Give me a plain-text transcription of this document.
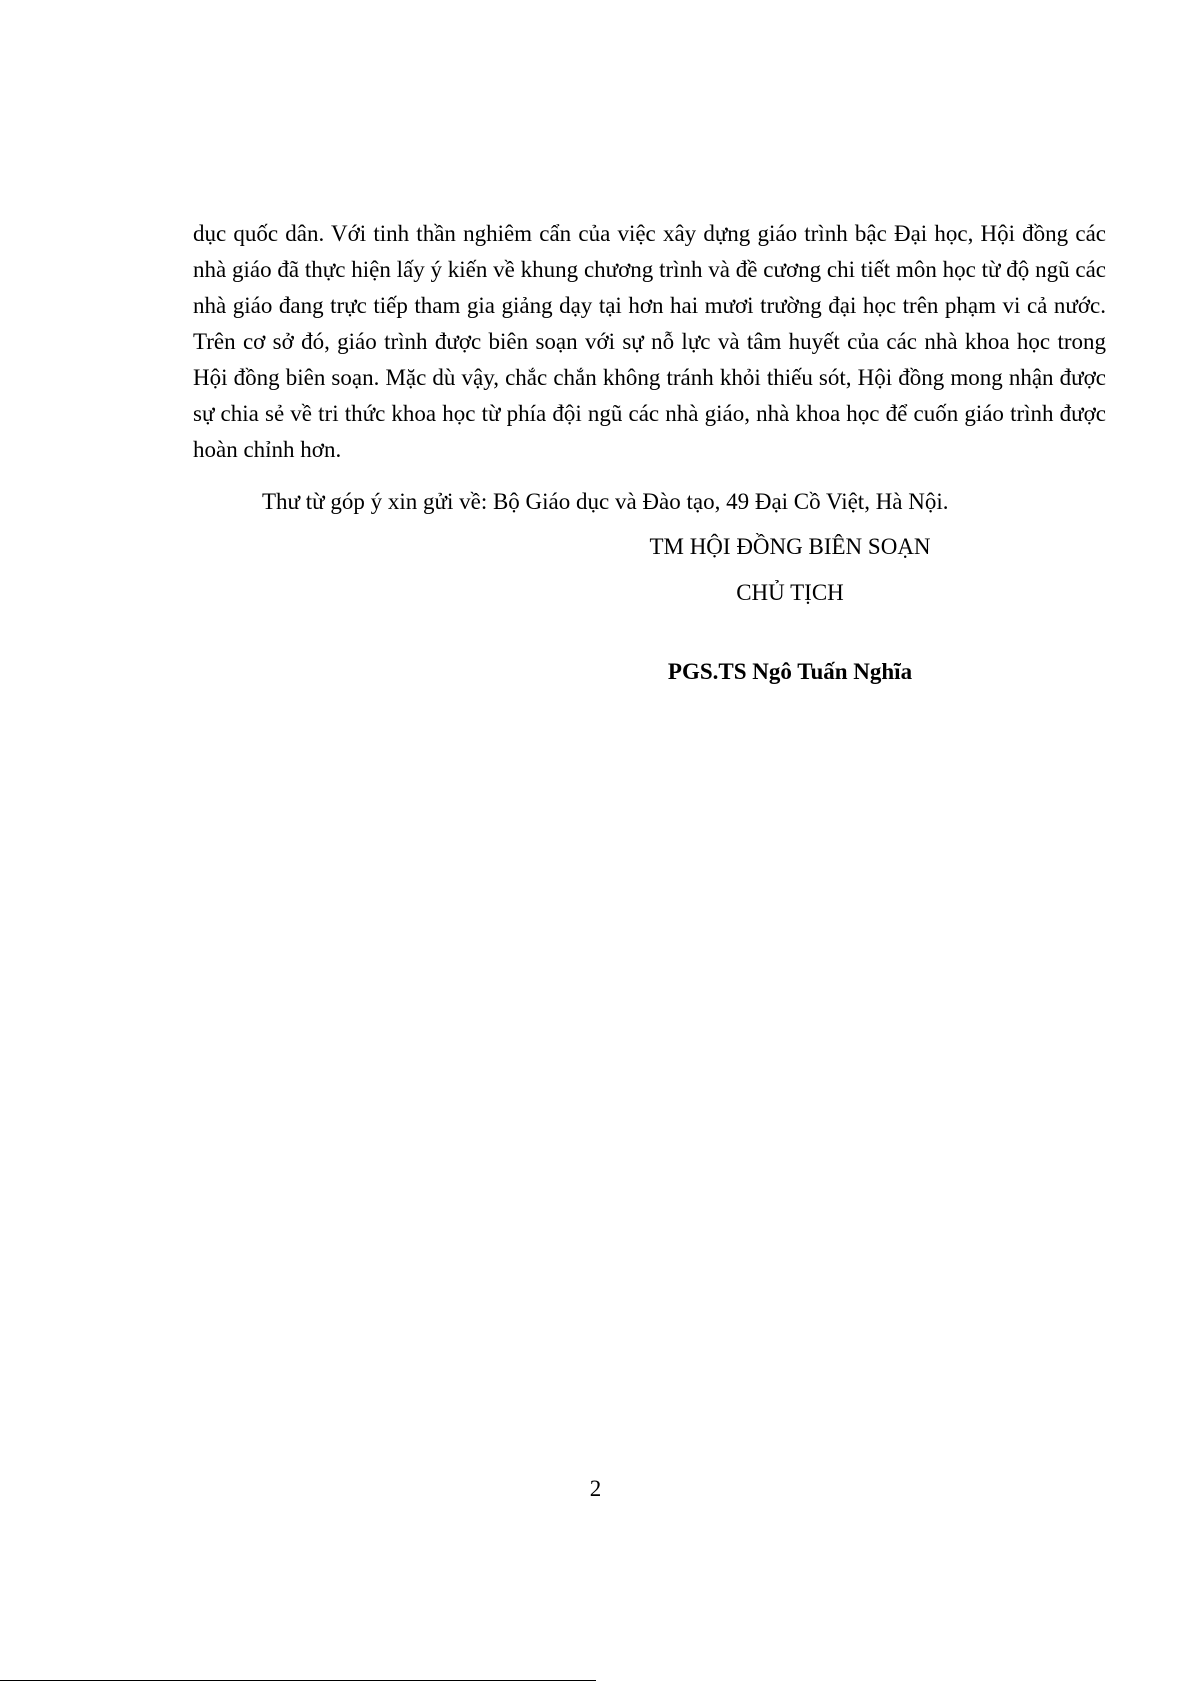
dục quốc dân. Với tinh thần nghiêm cẩn của việc xây dựng giáo trình bậc Đại học, Hội đồng các nhà giáo đã thực hiện lấy ý kiến về khung chương trình và đề cương chi tiết môn học từ độ ngũ các nhà giáo đang trực tiếp tham gia giảng dạy tại hơn hai mươi trường đại học trên phạm vi cả nước. Trên cơ sở đó, giáo trình được biên soạn với sự nỗ lực và tâm huyết của các nhà khoa học trong Hội đồng biên soạn. Mặc dù vậy, chắc chắn không tránh khỏi thiếu sót, Hội đồng mong nhận được sự chia sẻ về tri thức khoa học từ phía đội ngũ các nhà giáo, nhà khoa học để cuốn giáo trình được hoàn chỉnh hơn.

Thư từ góp ý xin gửi về: Bộ Giáo dục và Đào tạo, 49 Đại Cồ Việt, Hà Nội.

TM HỘI ĐỒNG BIÊN SOẠN
CHỦ TỊCH
PGS.TS Ngô Tuấn Nghĩa
2
